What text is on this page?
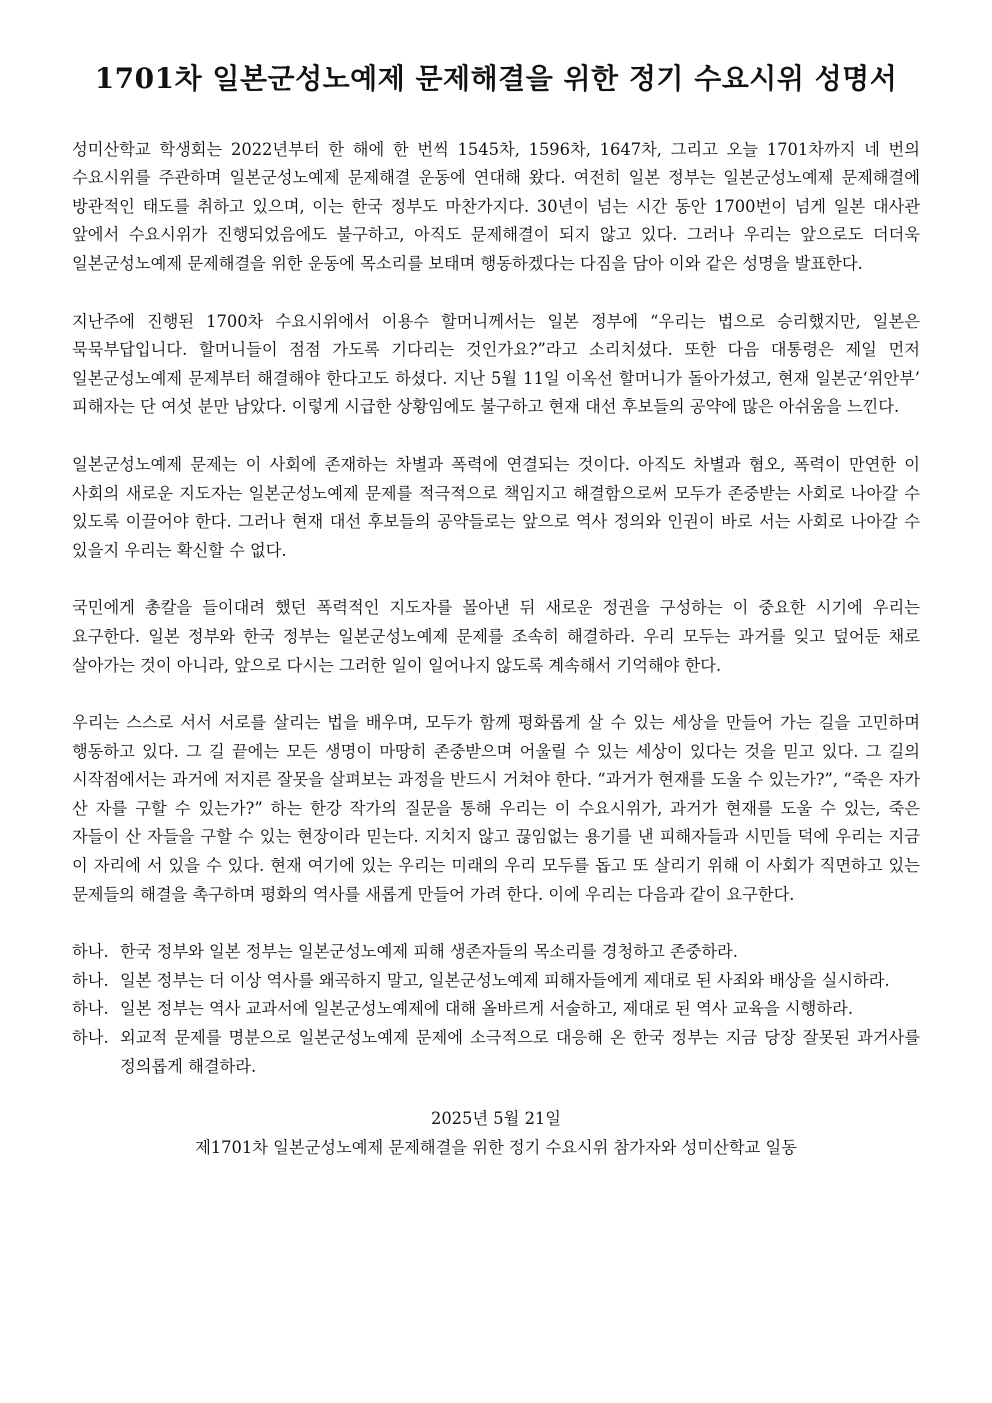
1701차 일본군성노예제 문제해결을 위한 정기 수요시위 성명서

성미산학교 학생회는 2022년부터 한 해에 한 번씩 1545차, 1596차, 1647차, 그리고 오늘 1701차까지 네 번의 수요시위를 주관하며 일본군성노예제 문제해결 운동에 연대해 왔다. 여전히 일본 정부는 일본군성노예제 문제해결에 방관적인 태도를 취하고 있으며, 이는 한국 정부도 마찬가지다. 30년이 넘는 시간 동안 1700번이 넘게 일본 대사관 앞에서 수요시위가 진행되었음에도 불구하고, 아직도 문제해결이 되지 않고 있다. 그러나 우리는 앞으로도 더더욱 일본군성노예제 문제해결을 위한 운동에 목소리를 보태며 행동하겠다는 다짐을 담아 이와 같은 성명을 발표한다.

지난주에 진행된 1700차 수요시위에서 이용수 할머니께서는 일본 정부에 “우리는 법으로 승리했지만, 일본은 묵묵부답입니다. 할머니들이 점점 가도록 기다리는 것인가요?”라고 소리치셨다. 또한 다음 대통령은 제일 먼저 일본군성노예제 문제부터 해결해야 한다고도 하셨다. 지난 5월 11일 이옥선 할머니가 돌아가셨고, 현재 일본군‘위안부’ 피해자는 단 여섯 분만 남았다. 이렇게 시급한 상황임에도 불구하고 현재 대선 후보들의 공약에 많은 아쉬움을 느낀다.

일본군성노예제 문제는 이 사회에 존재하는 차별과 폭력에 연결되는 것이다. 아직도 차별과 혐오, 폭력이 만연한 이 사회의 새로운 지도자는 일본군성노예제 문제를 적극적으로 책임지고 해결함으로써 모두가 존중받는 사회로 나아갈 수 있도록 이끌어야 한다. 그러나 현재 대선 후보들의 공약들로는 앞으로 역사 정의와 인권이 바로 서는 사회로 나아갈 수 있을지 우리는 확신할 수 없다.

국민에게 총칼을 들이대려 했던 폭력적인 지도자를 몰아낸 뒤 새로운 정권을 구성하는 이 중요한 시기에 우리는 요구한다. 일본 정부와 한국 정부는 일본군성노예제 문제를 조속히 해결하라. 우리 모두는 과거를 잊고 덮어둔 채로 살아가는 것이 아니라, 앞으로 다시는 그러한 일이 일어나지 않도록 계속해서 기억해야 한다.

우리는 스스로 서서 서로를 살리는 법을 배우며, 모두가 함께 평화롭게 살 수 있는 세상을 만들어 가는 길을 고민하며 행동하고 있다. 그 길 끝에는 모든 생명이 마땅히 존중받으며 어울릴 수 있는 세상이 있다는 것을 믿고 있다. 그 길의 시작점에서는 과거에 저지른 잘못을 살펴보는 과정을 반드시 거쳐야 한다. “과거가 현재를 도울 수 있는가?”, “죽은 자가 산 자를 구할 수 있는가?” 하는 한강 작가의 질문을 통해 우리는 이 수요시위가, 과거가 현재를 도울 수 있는, 죽은 자들이 산 자들을 구할 수 있는 현장이라 믿는다. 지치지 않고 끊임없는 용기를 낸 피해자들과 시민들 덕에 우리는 지금 이 자리에 서 있을 수 있다. 현재 여기에 있는 우리는 미래의 우리 모두를 돕고 또 살리기 위해 이 사회가 직면하고 있는 문제들의 해결을 촉구하며 평화의 역사를 새롭게 만들어 가려 한다. 이에 우리는 다음과 같이 요구한다.

하나. 한국 정부와 일본 정부는 일본군성노예제 피해 생존자들의 목소리를 경청하고 존중하라.
하나. 일본 정부는 더 이상 역사를 왜곡하지 말고, 일본군성노예제 피해자들에게 제대로 된 사죄와 배상을 실시하라.
하나. 일본 정부는 역사 교과서에 일본군성노예제에 대해 올바르게 서술하고, 제대로 된 역사 교육을 시행하라.
하나. 외교적 문제를 명분으로 일본군성노예제 문제에 소극적으로 대응해 온 한국 정부는 지금 당장 잘못된 과거사를 정의롭게 해결하라.
2025년 5월 21일
제1701차 일본군성노예제 문제해결을 위한 정기 수요시위 참가자와 성미산학교 일동
